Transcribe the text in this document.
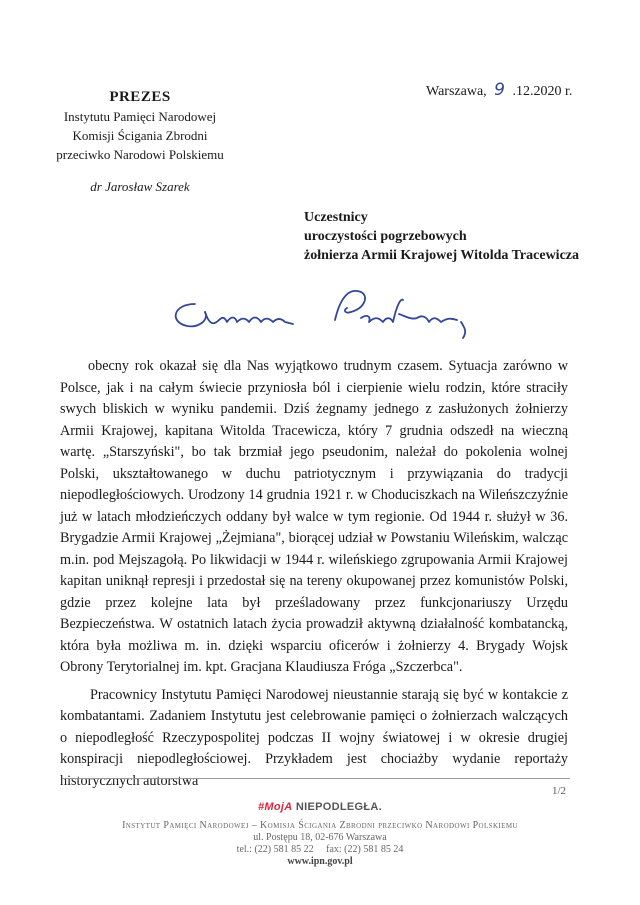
Warszawa, 9 .12.2020 r.
PREZES
Instytutu Pamięci Narodowej
Komisji Ścigania Zbrodni
przeciwko Narodowi Polskiemu
dr Jarosław Szarek
Uczestnicy
uroczystości pogrzebowych
żołnierza Armii Krajowej Witolda Tracewicza

obecny rok okazał się dla Nas wyjątkowo trudnym czasem. Sytuacja zarówno w Polsce, jak i na całym świecie przyniosła ból i cierpienie wielu rodzin, które straciły swych bliskich w wyniku pandemii. Dziś żegnamy jednego z zasłużonych żołnierzy Armii Krajowej, kapitana Witolda Tracewicza, który 7 grudnia odszedł na wieczną wartę. „Starszyński", bo tak brzmiał jego pseudonim, należał do pokolenia wolnej Polski, ukształtowanego w duchu patriotycznym i przywiązania do tradycji niepodległościowych. Urodzony 14 grudnia 1921 r. w Choduciszkach na Wileńszczyźnie już w latach młodzieńczych oddany był walce w tym regionie. Od 1944 r. służył w 36. Brygadzie Armii Krajowej „Żejmiana", biorącej udział w Powstaniu Wileńskim, walcząc m.in. pod Mejszagołą. Po likwidacji w 1944 r. wileńskiego zgrupowania Armii Krajowej kapitan uniknął represji i przedostał się na tereny okupowanej przez komunistów Polski, gdzie przez kolejne lata był prześladowany przez funkcjonariuszy Urzędu Bezpieczeństwa. W ostatnich latach życia prowadził aktywną działalność kombatancką, która była możliwa m. in. dzięki wsparciu oficerów i żołnierzy 4. Brygady Wojsk Obrony Terytorialnej im. kpt. Gracjana Klaudiusza Fróga „Szczerbca".

Pracownicy Instytutu Pamięci Narodowej nieustannie starają się być w kontakcie z kombatantami. Zadaniem Instytutu jest celebrowanie pamięci o żołnierzach walczących o niepodległość Rzeczypospolitej podczas II wojny światowej i w okresie drugiej konspiracji niepodległościowej. Przykładem jest chociażby wydanie reportaży historycznych autorstwa

1/2
#MojA NIEPODLEGŁA.
Instytut Pamięci Narodowej – Komisja Ścigania Zbrodni przeciwko Narodowi Polskiemu
ul. Postępu 18, 02-676 Warszawa
tel.: (22) 581 85 22 fax: (22) 581 85 24
www.ipn.gov.pl
